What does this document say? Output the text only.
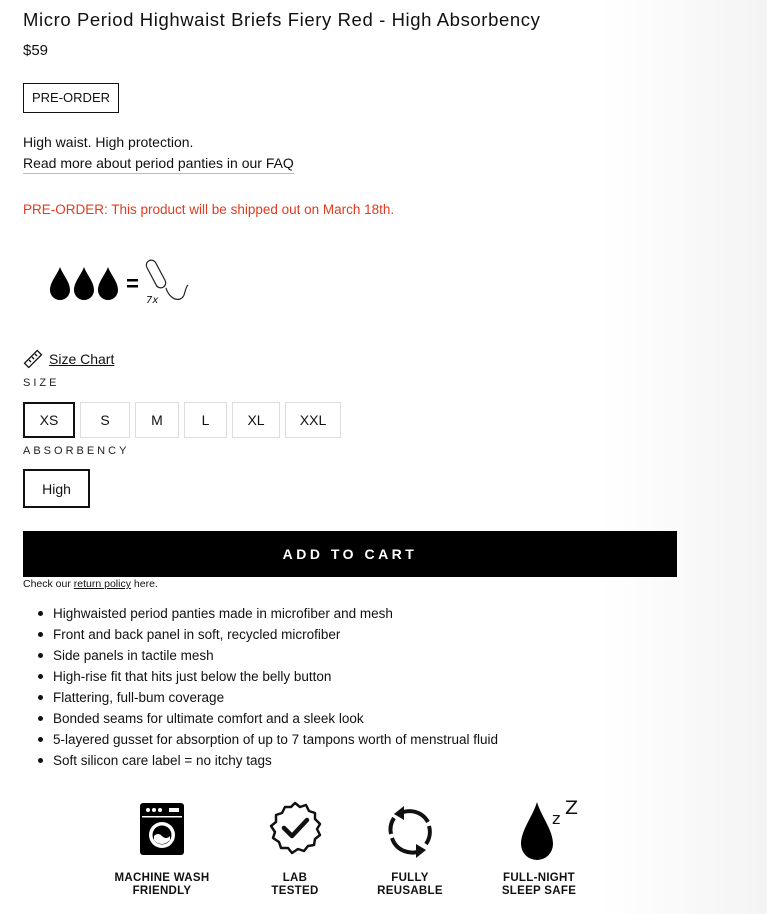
Micro Period Highwaist Briefs Fiery Red - High Absorbency
$59
PRE-ORDER
High waist. High protection.
Read more about period panties in our FAQ
PRE-ORDER: This product will be shipped out on March 18th.
7x
Size Chart
SIZE
XS	S	M	L	XL	XXL
ABSORBENCY
High
ADD TO CART
Check our return policy here.
Highwaisted period panties made in microfiber and mesh
Front and back panel in soft, recycled microfiber
Side panels in tactile mesh
High-rise fit that hits just below the belly button
Flattering, full-bum coverage
Bonded seams for ultimate comfort and a sleek look
5-layered gusset for absorption of up to 7 tampons worth of menstrual fluid
Soft silicon care label = no itchy tags
MACHINE WASH
FRIENDLY
LAB
TESTED
FULLY
REUSABLE
z Z
FULL-NIGHT
SLEEP SAFE
